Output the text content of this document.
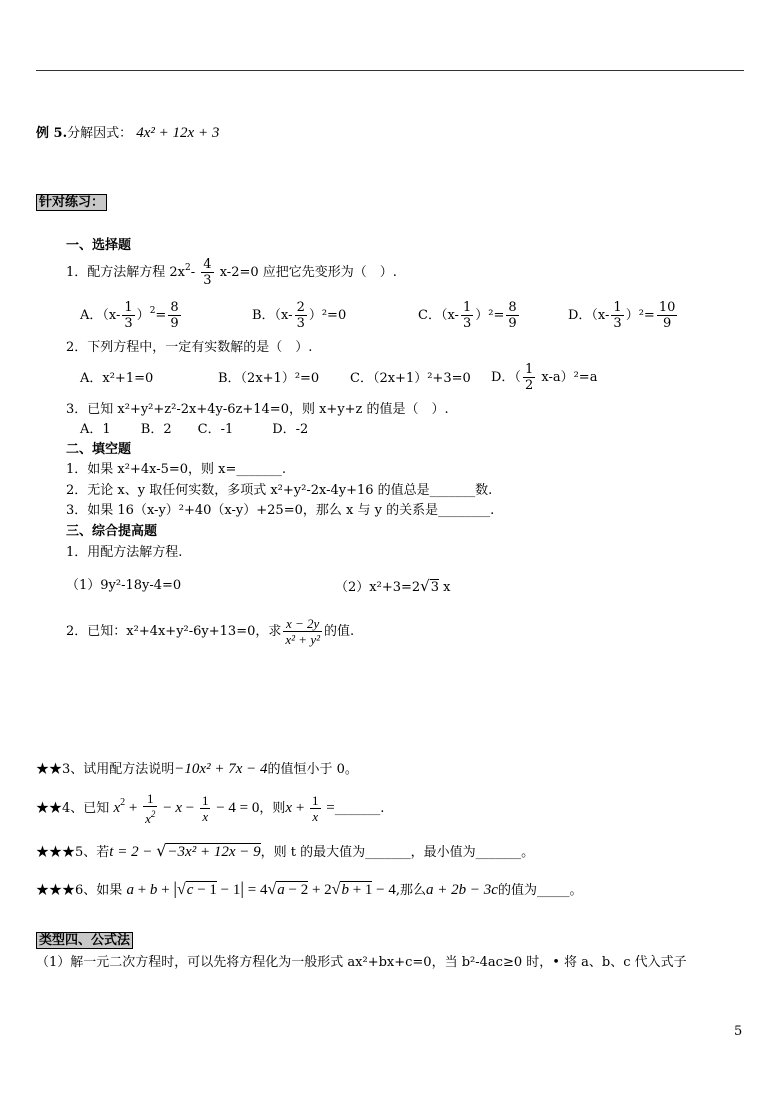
例 5.分解因式： 4x² + 12x + 3
针对练习：
一、选择题
1．配方法解方程 $2x^2- \frac{4}{3} x-2=0$ 应把它先变形为（　）.
A．$(x- \frac{1}{3} )^2= \frac{8}{9}$	B．$(x- \frac{2}{3} )^2=0$	C．$(x- \frac{1}{3} )^2= \frac{8}{9}$	D．$(x- \frac{1}{3} )^2= \frac{10}{9}$
2．下列方程中，一定有实数解的是（　）.
A．x²+1=0	B．（2x+1）²=0 C．（2x+1）²+3=0 D．（ $\frac{1}{2} x-a)^2=a$
3．已知 x²+y²+z²-2x+4y-6z+14=0，则 x+y+z 的值是（　）.
A．1　　 B．2　　C．-1　　　D．-2
二、填空题
1．如果 x²+4x-5=0，则 x=_______.
2．无论 x、y 取任何实数，多项式 x²+y²-2x-4y+16 的值总是_______数.
3．如果 16（x-y）²+40（x-y）+25=0，那么 x 与 y 的关系是________.
三、综合提高题
1．用配方法解方程.
（1）9y²-18y-4=0	（2）x²+3=2√3 x
2．已知：x²+4x+y²-6y+13=0，求 $\frac{x - 2y}{\text{x² + y²}}$ 的值.
★★3、试用配方法说明−10x² + 7x − 4的值恒小于 0。
★★4、已知 $x^2 + \frac{1}{x^2} - x - \frac{1}{x} - 4 = 0$，则$x + \frac{1}{x}$ =_______.
★★★5、若t = 2 − √−3x² + 12x − 9，则 t 的最大值为_______，最小值为_______。
★★★6、如果 a + b + |√c − 1 − 1| = 4√a − 2 + 2√b + 1 − 4,那么a + 2b − 3c的值为_____。
类型四、公式法
（1）解一元二次方程时，可以先将方程化为一般形式 ax²+bx+c=0，当 b²-4ac≥0 时，• 将 a、b、c 代入式子
5
